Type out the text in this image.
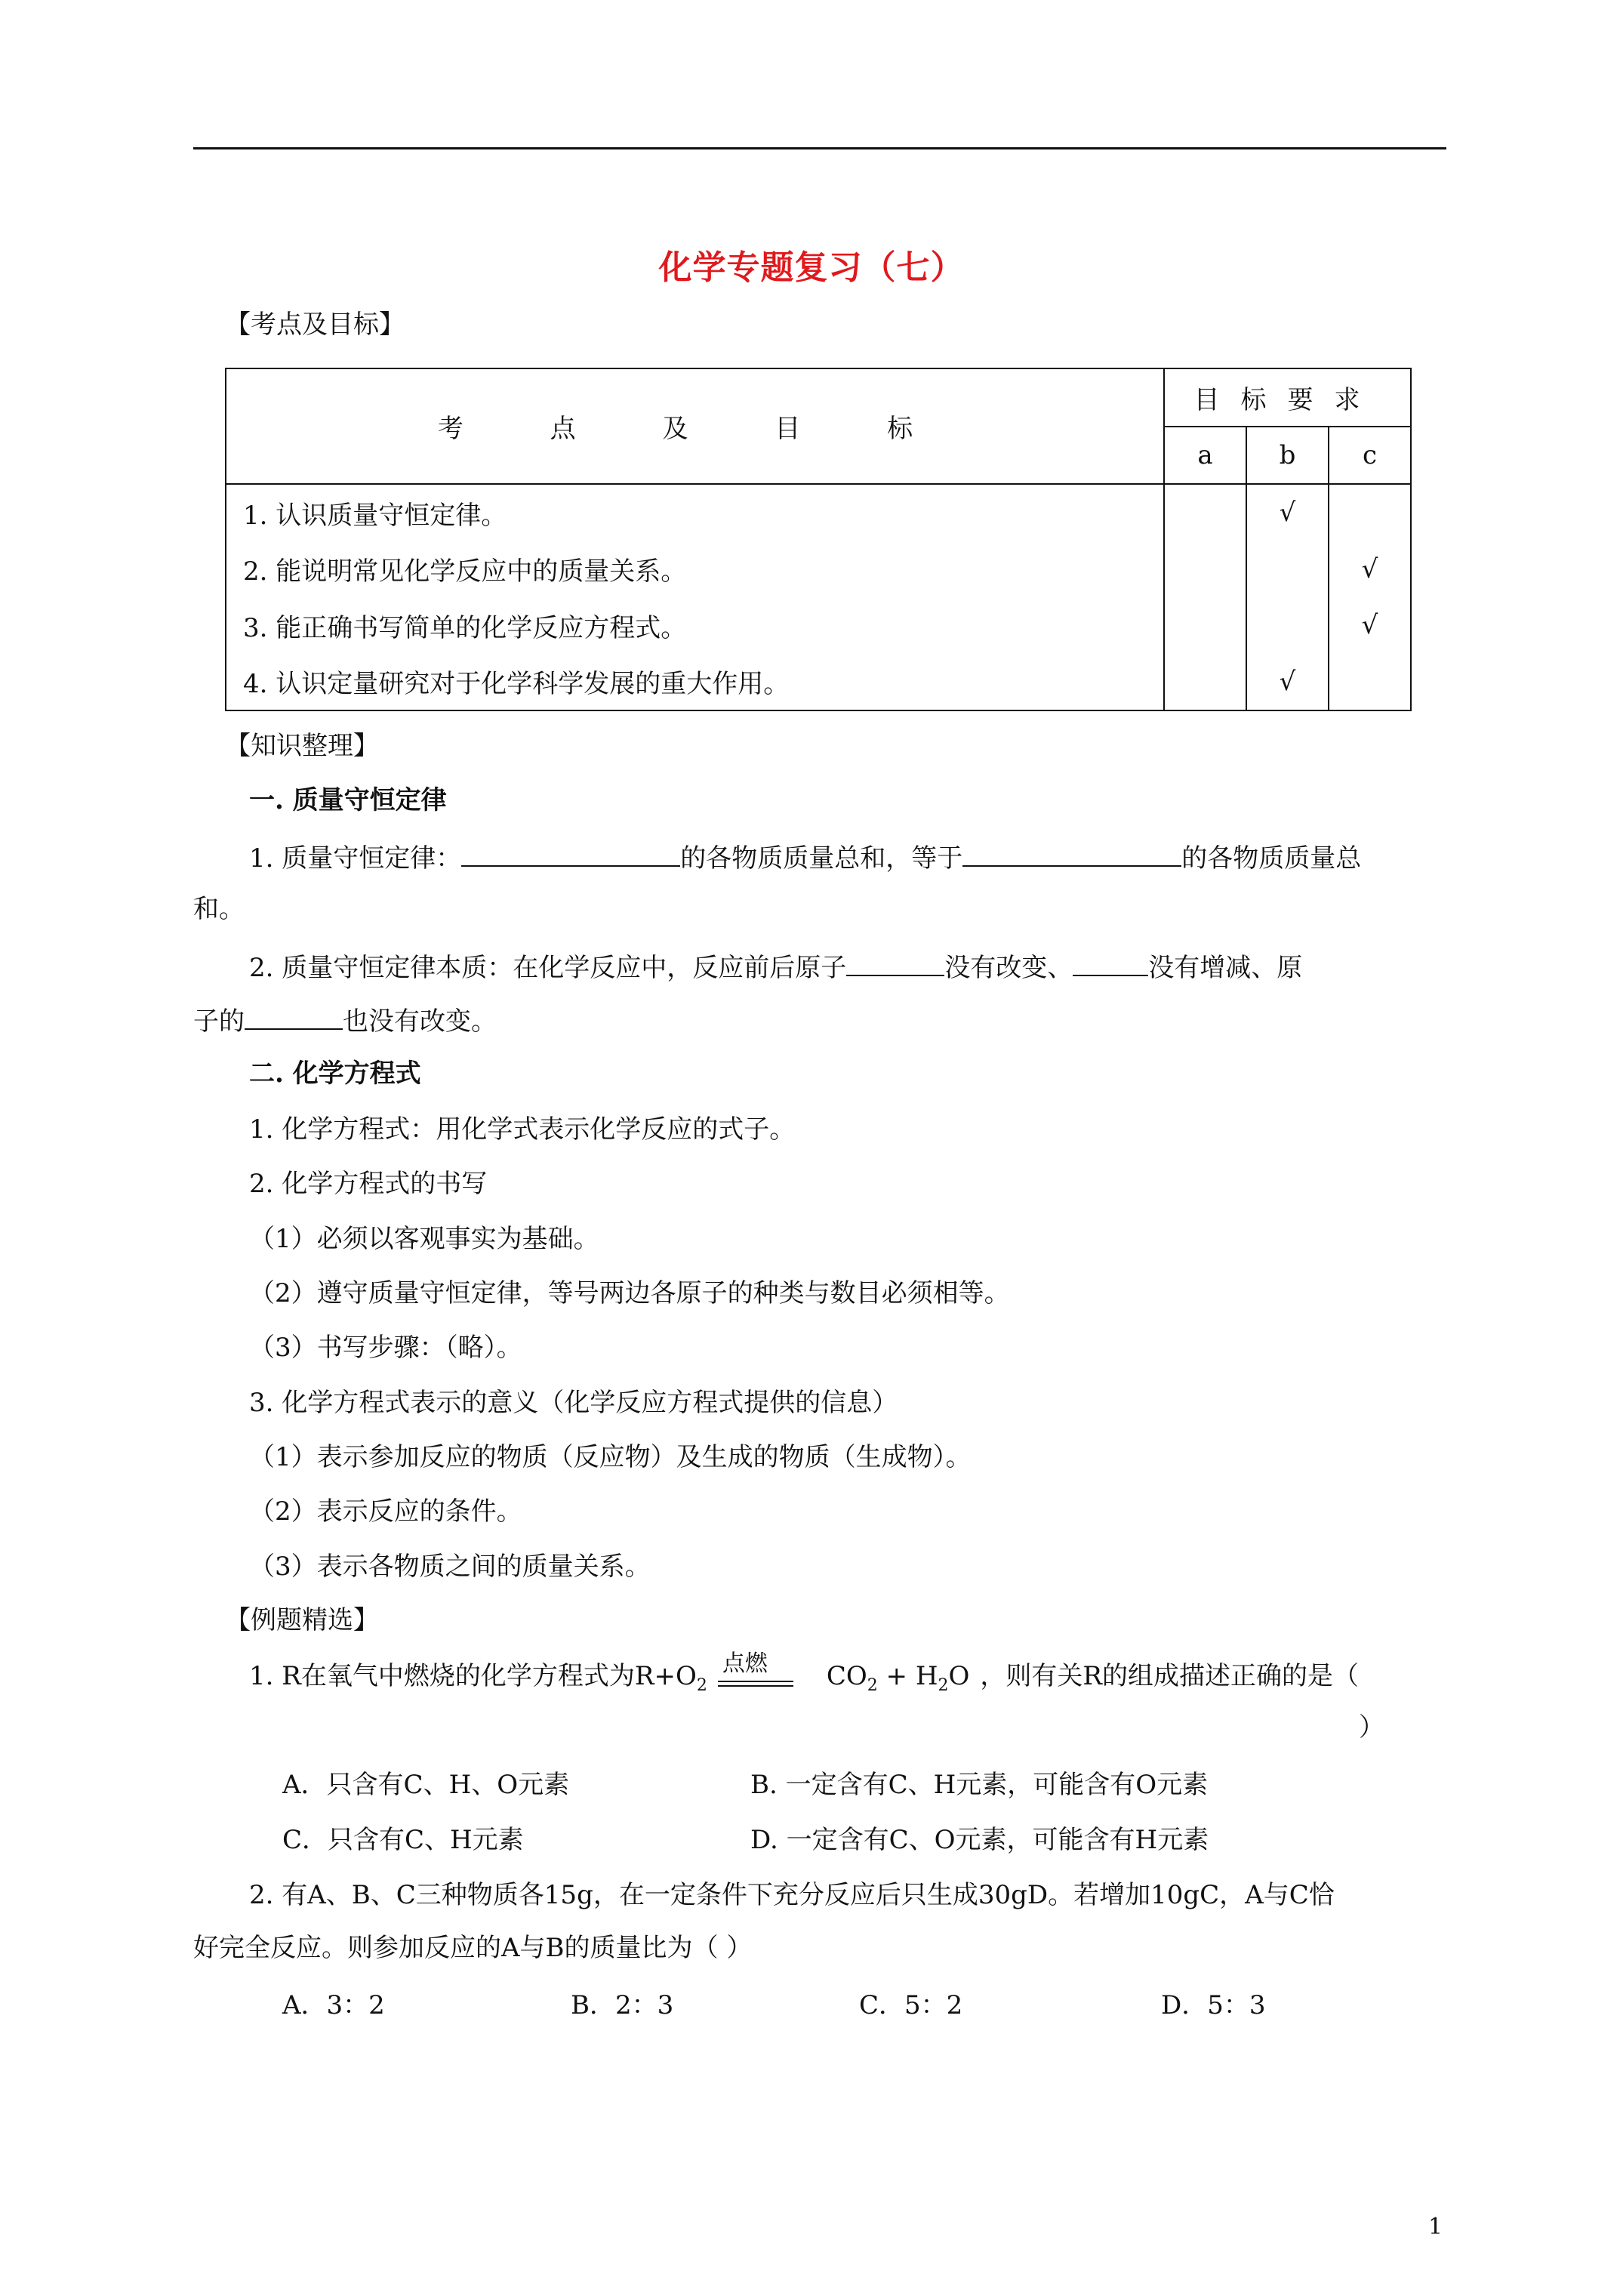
化学专题复习（七）
【考点及目标】
考 点 及 目 标	目标要求		
	a	b	c
1. 认识质量守恒定律。		√	
2. 能说明常见化学反应中的质量关系。			√
3. 能正确书写简单的化学反应方程式。			√
4. 认识定量研究对于化学科学发展的重大作用。		√	
【知识整理】
一. 质量守恒定律
1. 质量守恒定律：	的各物质质量总和，等于	的各物质质量总
和。
2. 质量守恒定律本质：在化学反应中，反应前后原子	没有改变、	没有增减、原
子的	也没有改变。
二. 化学方程式
1. 化学方程式：用化学式表示化学反应的式子。
2. 化学方程式的书写
（1）必须以客观事实为基础。
（2）遵守质量守恒定律，等号两边各原子的种类与数目必须相等。
（3）书写步骤：（略）。
3. 化学方程式表示的意义（化学反应方程式提供的信息）
（1）表示参加反应的物质（反应物）及生成的物质（生成物）。
（2）表示反应的条件。
（3）表示各物质之间的质量关系。
【例题精选】
1. R在氧气中燃烧的化学方程式为$R+O_2$
点燃 $CO_2 + H_2O$ ，则有关R的组成描述正确的是（
）
A．只含有C、H、O元素	B. 一定含有C、H元素，可能含有O元素
C．只含有C、H元素	D. 一定含有C、O元素，可能含有H元素
2. 有A、B、C三种物质各15g，在一定条件下充分反应后只生成30gD。若增加10gC，A与C恰
好完全反应。则参加反应的A与B的质量比为（ ）
A．3：2	B．2：3	C．5：2	D．5：3
1
